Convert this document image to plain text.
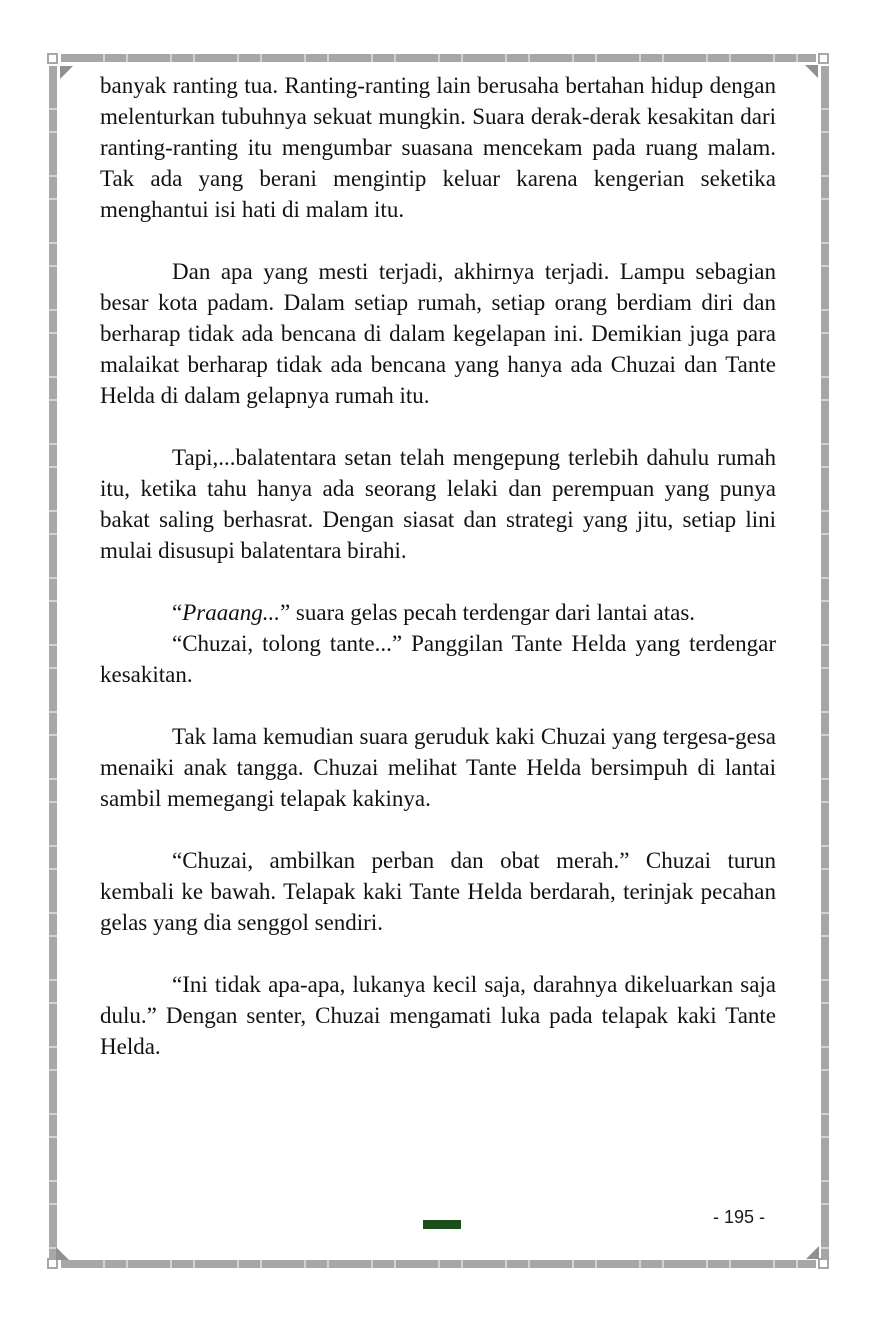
banyak ranting tua. Ranting-ranting lain berusaha bertahan hidup dengan melenturkan tubuhnya sekuat mungkin. Suara derak-derak kesakitan dari ranting-ranting itu mengumbar suasana mencekam pada ruang malam. Tak ada yang berani mengintip keluar karena kengerian seketika menghantui isi hati di malam itu.

Dan apa yang mesti terjadi, akhirnya terjadi. Lampu sebagian besar kota padam. Dalam setiap rumah, setiap orang berdiam diri dan berharap tidak ada bencana di dalam kegelapan ini. Demikian juga para malaikat berharap tidak ada bencana yang hanya ada Chuzai dan Tante Helda di dalam gelapnya rumah itu.

Tapi,...balatentara setan telah mengepung terlebih dahulu rumah itu, ketika tahu hanya ada seorang lelaki dan perempuan yang punya bakat saling berhasrat. Dengan siasat dan strategi yang jitu, setiap lini mulai disusupi balatentara birahi.

“Praaang...” suara gelas pecah terdengar dari lantai atas.

“Chuzai, tolong tante...” Panggilan Tante Helda yang terdengar kesakitan.

Tak lama kemudian suara geruduk kaki Chuzai yang tergesa-gesa menaiki anak tangga. Chuzai melihat Tante Helda bersimpuh di lantai sambil memegangi telapak kakinya.

“Chuzai, ambilkan perban dan obat merah.” Chuzai turun kembali ke bawah. Telapak kaki Tante Helda berdarah, terinjak pecahan gelas yang dia senggol sendiri.

“Ini tidak apa-apa, lukanya kecil saja, darahnya dikeluarkan saja dulu.” Dengan senter, Chuzai mengamati luka pada telapak kaki Tante Helda.

- 195 -
